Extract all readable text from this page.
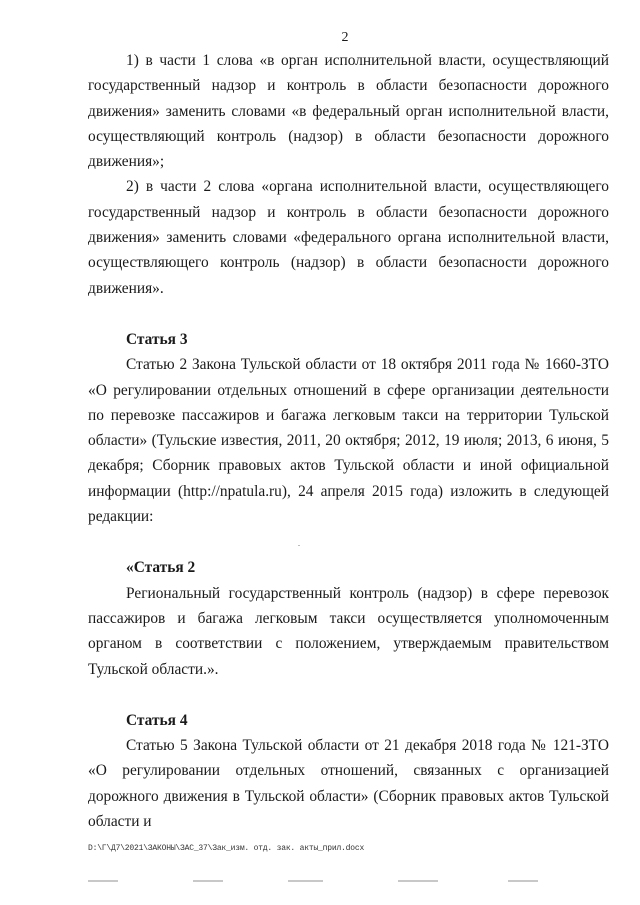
2

1) в части 1 слова «в орган исполнительной власти, осуществляющий государственный надзор и контроль в области безопасности дорожного движения» заменить словами «в федеральный орган исполнительной власти, осуществляющий контроль (надзор) в области безопасности дорожного движения»;

2) в части 2 слова «органа исполнительной власти, осуществляющего государственный надзор и контроль в области безопасности дорожного движения» заменить словами «федерального органа исполнительной власти, осуществляющего контроль (надзор) в области безопасности дорожного движения».

Статья 3

Статью 2 Закона Тульской области от 18 октября 2011 года № 1660-ЗТО «О регулировании отдельных отношений в сфере организации деятельности по перевозке пассажиров и багажа легковым такси на территории Тульской области» (Тульские известия, 2011, 20 октября; 2012, 19 июля; 2013, 6 июня, 5 декабря; Сборник правовых актов Тульской области и иной официальной информации (http://npatula.ru), 24 апреля 2015 года) изложить в следующей редакции:

«Статья 2

Региональный государственный контроль (надзор) в сфере перевозок пассажиров и багажа легковым такси осуществляется уполномоченным органом в соответствии с положением, утверждаемым правительством Тульской области.».

Статья 4

Статью 5 Закона Тульской области от 21 декабря 2018 года № 121-ЗТО «О регулировании отдельных отношений, связанных с организацией дорожного движения в Тульской области» (Сборник правовых актов Тульской области и

D:\Г\Д7\2021\ЗАКОНЫ\ЗАС_37\Зак_изм. отд. зак. акты_прил.docx
